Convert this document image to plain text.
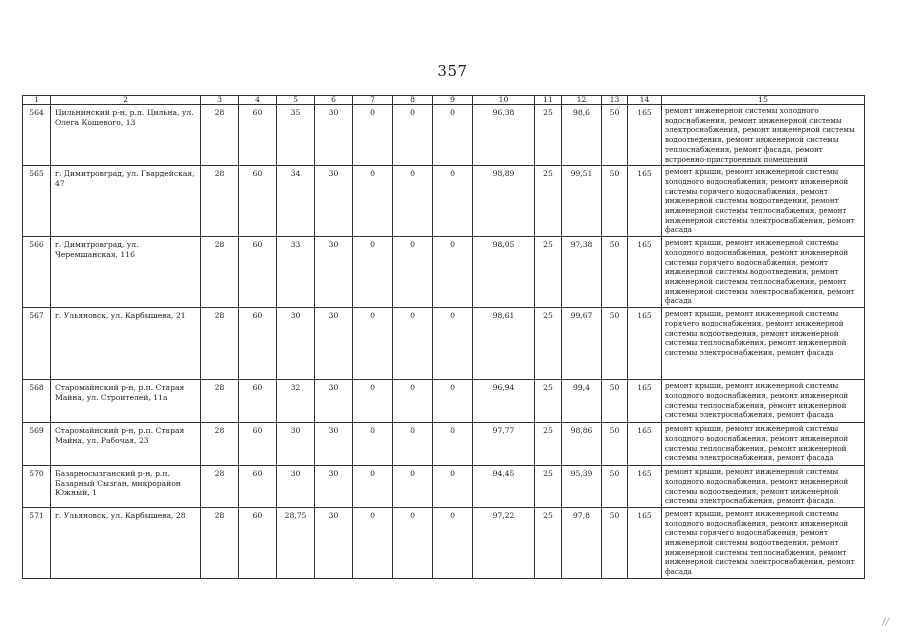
357
1	2	3	4	5	6	7	8	9	10	11	12	13	14	15
564	Цильнинский р-н, р.п. Цильна, ул. Олега Кошевого, 13	28	60	35	30	0	0	0	96,38	25	98,6	50	165	ремонт инженерной системы холодного водоснабжения, ремонт инженерной системы электроснабжения, ремонт инженерной системы водоотведения, ремонт инженерной системы теплоснабжения, ремонт фасада, ремонт встроенно-пристроенных помещений
565	г. Димитровград, ул. Гвардейская, 47	28	60	34	30	0	0	0	98,89	25	99,51	50	165	ремонт крыши, ремонт инженерной системы холодного водоснабжения, ремонт инженерной системы горячего водоснабжения, ремонт инженерной системы водоотведения, ремонт инженерной системы теплоснабжения, ремонт инженерной системы электроснабжения, ремонт фасада
566	г. Димитровград, ул. Черемшанская, 116	28	60	33	30	0	0	0	98,05	25	97,38	50	165	ремонт крыши, ремонт инженерной системы холодного водоснабжения, ремонт инженерной системы горячего водоснабжения, ремонт инженерной системы водоотведения, ремонт инженерной системы теплоснабжения, ремонт инженерной системы электроснабжения, ремонт фасада
567	г. Ульяновск, ул. Карбышева, 21	28	60	30	30	0	0	0	98,61	25	99,67	50	165	ремонт крыши, ремонт инженерной системы горячего водоснабжения, ремонт инженерной системы водоотведения, ремонт инженерной системы теплоснабжения, ремонт инженерной системы электроснабжения, ремонт фасада
568	Старомайнский р-н, р.п. Старая Майна, ул. Строителей, 11а	28	60	32	30	0	0	0	96,94	25	99,4	50	165	ремонт крыши, ремонт инженерной системы холодного водоснабжения, ремонт инженерной системы теплоснабжения, ремонт инженерной системы электроснабжения, ремонт фасада
569	Старомайнский р-н, р.п. Старая Майна, ул. Рабочая, 23	28	60	30	30	0	0	0	97,77	25	98,86	50	165	ремонт крыши, ремонт инженерной системы холодного водоснабжения, ремонт инженерной системы теплоснабжения, ремонт инженерной системы электроснабжения, ремонт фасада
570	Базарносызганский р-н, р.п. Базарный Сызган, микрорайон Южный, 1	28	60	30	30	0	0	0	94,45	25	95,39	50	165	ремонт крыши, ремонт инженерной системы холодного водоснабжения, ремонт инженерной системы водоотведения, ремонт инженерной системы электроснабжения, ремонт фасада
571	г. Ульяновск, ул. Карбышева, 28	28	60	28,75	30	0	0	0	97,22	25	97,8	50	165	ремонт крыши, ремонт инженерной системы холодного водоснабжения, ремонт инженерной системы горячего водоснабжения, ремонт инженерной системы водоотведения, ремонт инженерной системы теплоснабжения, ремонт инженерной системы электроснабжения, ремонт фасада
∕∕
